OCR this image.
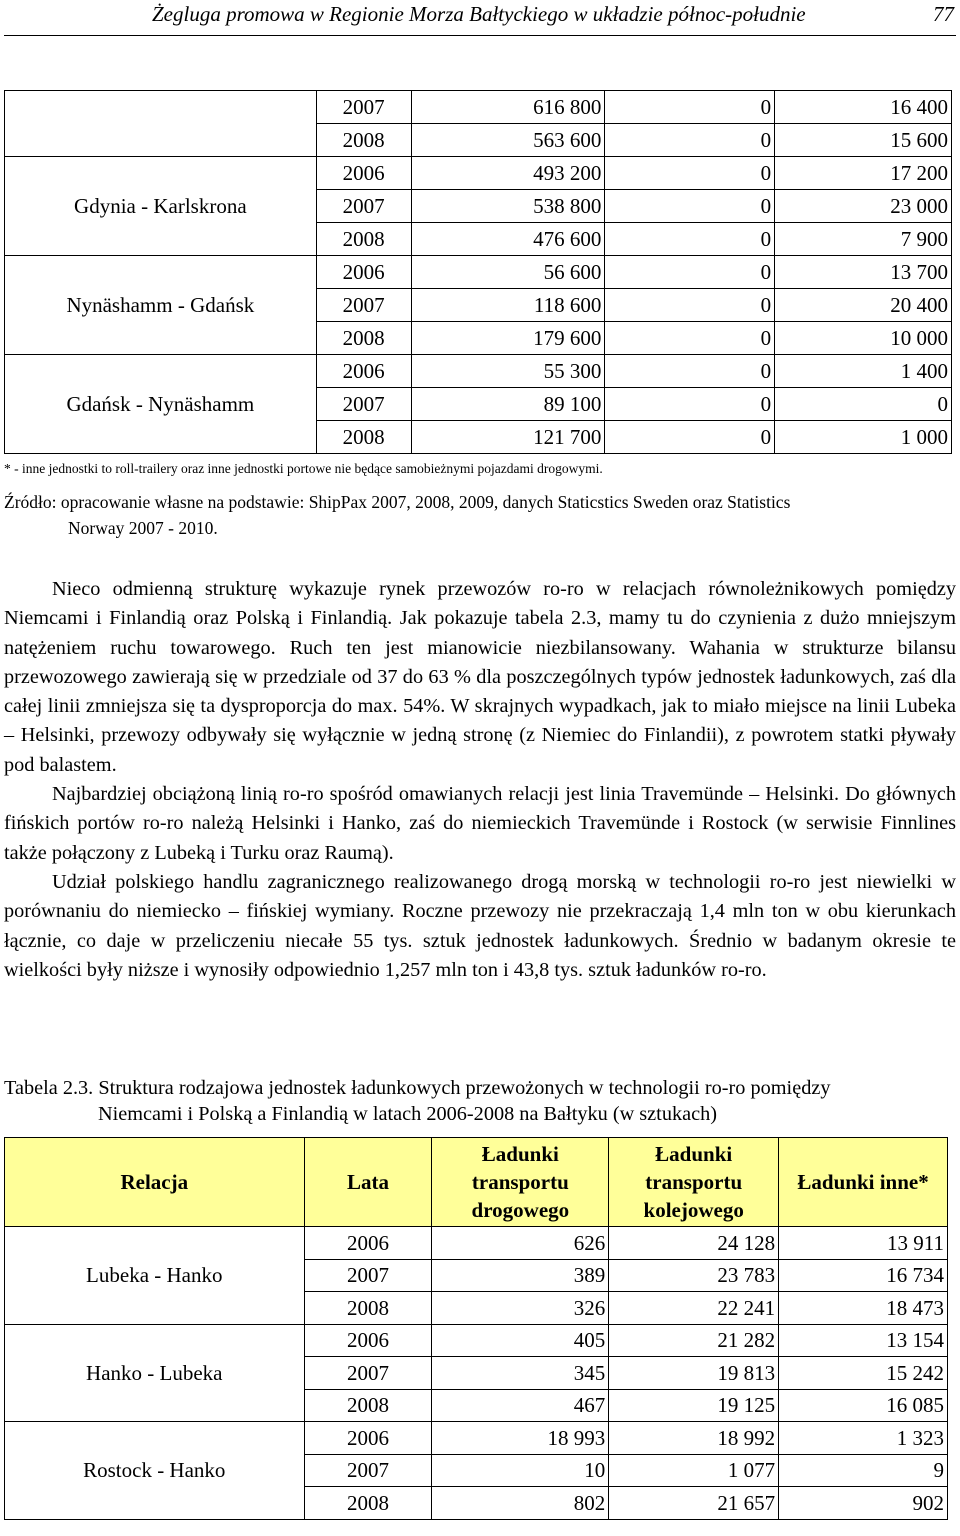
Żegluga promowa w Regionie Morza Bałtyckiego w układzie północ-południe	77
	2007	616 800	0	16 400
	2008	563 600	0	15 600
Gdynia - Karlskrona	2006	493 200	0	17 200
	2007	538 800	0	23 000
	2008	476 600	0	7 900
Nynäshamm - Gdańsk	2006	56 600	0	13 700
	2007	118 600	0	20 400
	2008	179 600	0	10 000
Gdańsk - Nynäshamm	2006	55 300	0	1 400
	2007	89 100	0	0
	2008	121 700	0	1 000
* - inne jednostki to roll-trailery oraz inne jednostki portowe nie będące samobieżnymi pojazdami drogowymi.
Źródło: opracowanie własne na podstawie: ShipPax 2007, 2008, 2009, danych Staticstics Sweden oraz Statistics
Norway 2007 - 2010.

Nieco odmienną strukturę wykazuje rynek przewozów ro-ro w relacjach równoleżnikowych pomiędzy Niemcami i Finlandią oraz Polską i Finlandią. Jak pokazuje tabela 2.3, mamy tu do czynienia z dużo mniejszym natężeniem ruchu towarowego. Ruch ten jest mianowicie niezbilansowany. Wahania w strukturze bilansu przewozowego zawierają się w przedziale od 37 do 63 % dla poszczególnych typów jednostek ładunkowych, zaś dla całej linii zmniejsza się ta dysproporcja do max. 54%. W skrajnych wypadkach, jak to miało miejsce na linii Lubeka – Helsinki, przewozy odbywały się wyłącznie w jedną stronę (z Niemiec do Finlandii), z powrotem statki pływały pod balastem.

Najbardziej obciążoną linią ro-ro spośród omawianych relacji jest linia Travemünde – Helsinki. Do głównych fińskich portów ro-ro należą Helsinki i Hanko, zaś do niemieckich Travemünde i Rostock (w serwisie Finnlines także połączony z Lubeką i Turku oraz Raumą).

Udział polskiego handlu zagranicznego realizowanego drogą morską w technologii ro-ro jest niewielki w porównaniu do niemiecko – fińskiej wymiany. Roczne przewozy nie przekraczają 1,4 mln ton w obu kierunkach łącznie, co daje w przeliczeniu niecałe 55 tys. sztuk jednostek ładunkowych. Średnio w badanym okresie te wielkości były niższe i wynosiły odpowiednio 1,257 mln ton i 43,8 tys. sztuk ładunków ro-ro.

Tabela 2.3. Struktura rodzajowa jednostek ładunkowych przewożonych w technologii ro-ro pomiędzy
Niemcami i Polską a Finlandią w latach 2006-2008 na Bałtyku (w sztukach)
Relacja	Lata	Ładunki transportu drogowego	Ładunki transportu kolejowego	Ładunki inne*
Lubeka - Hanko	2006	626	24 128	13 911
	2007	389	23 783	16 734
	2008	326	22 241	18 473
Hanko - Lubeka	2006	405	21 282	13 154
	2007	345	19 813	15 242
	2008	467	19 125	16 085
Rostock - Hanko	2006	18 993	18 992	1 323
	2007	10	1 077	9
	2008	802	21 657	902
